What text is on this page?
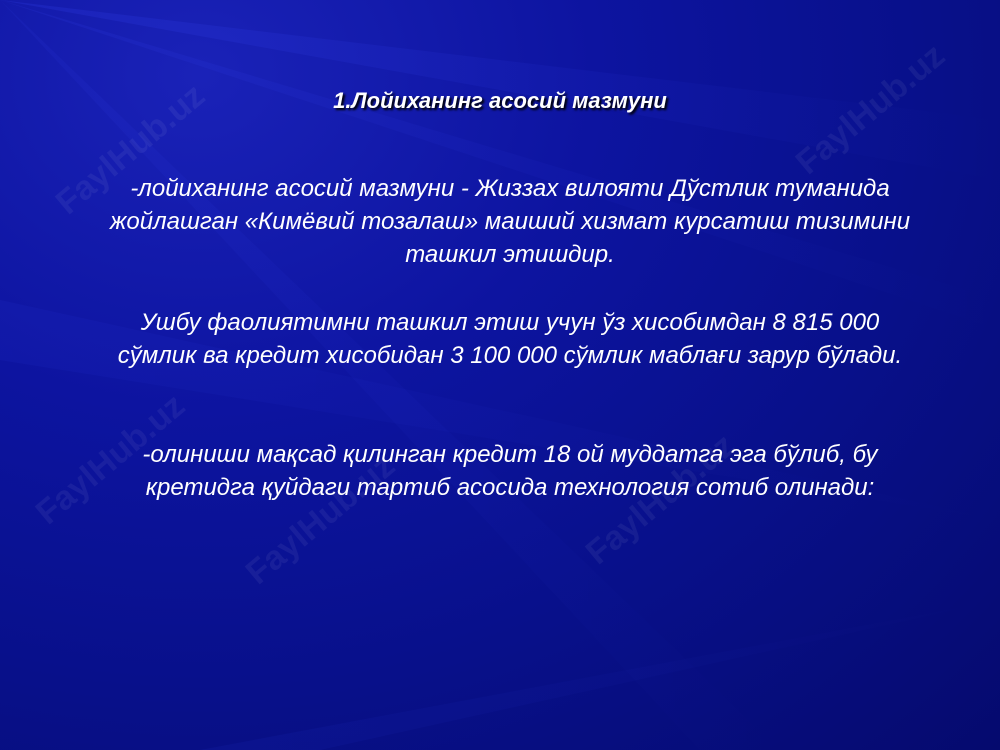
FaylHub.uz	FaylHub.uz
FaylHub.uz	FaylHub.uz
FaylHub.uz
1.Лойиханинг асосий мазмуни

-лойиханинг асосий мазмуни - Жиззах вилояти Дўстлик туманида жойлашган «Кимёвий тозалаш» маиший хизмат курсатиш тизимини ташкил этишдир.

Ушбу фаолиятимни ташкил этиш учун ўз хисобимдан 8 815 000 сўмлик ва кредит хисобидан 3 100 000 сўмлик маблағи зарур бўлади.

-олиниши мақсад қилинган кредит 18 ой муддатга эга бўлиб, бу кретидга қуйдаги тартиб асосида технология сотиб олинади:
